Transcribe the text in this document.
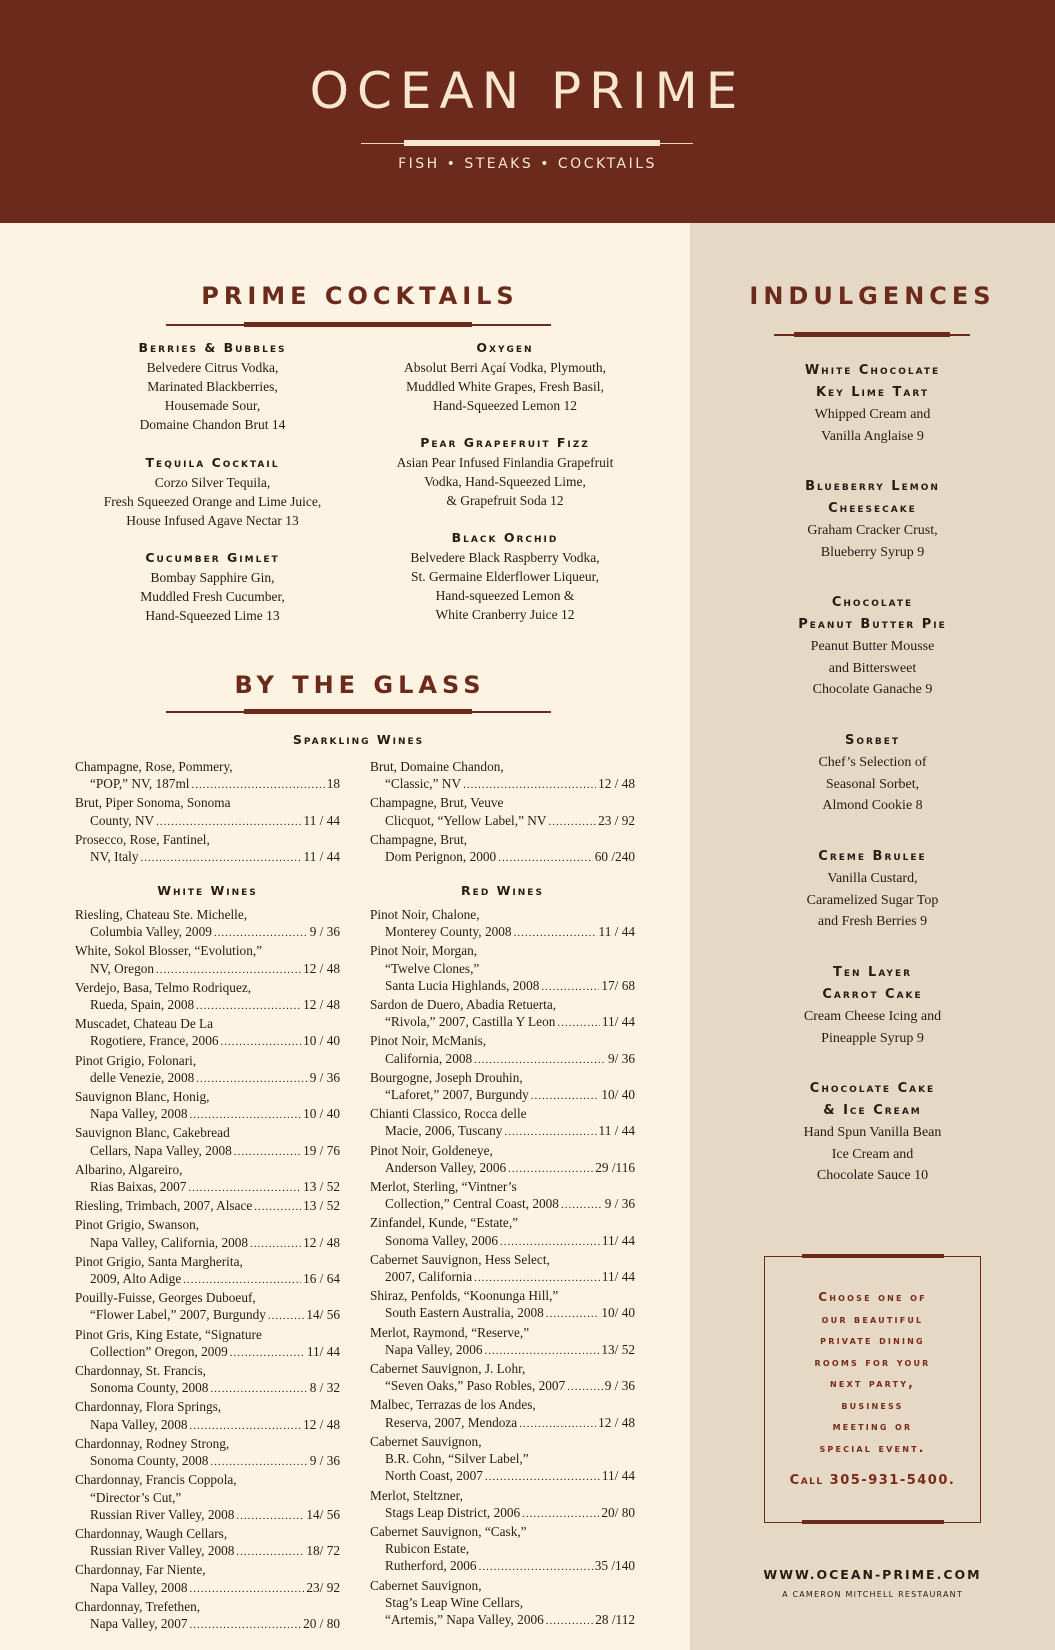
OCEAN PRIME
FISH • STEAKS • COCKTAILS
PRIME COCKTAILS
Berries & Bubbles
Belvedere Citrus Vodka,
Marinated Blackberries,
Housemade Sour,
Domaine Chandon Brut 14
Tequila Cocktail
Corzo Silver Tequila,
Fresh Squeezed Orange and Lime Juice,
House Infused Agave Nectar 13
Cucumber Gimlet
Bombay Sapphire Gin,
Muddled Fresh Cucumber,
Hand-Squeezed Lime 13
Oxygen
Absolut Berri Açaí Vodka, Plymouth,
Muddled White Grapes, Fresh Basil,
Hand-Squeezed Lemon 12
Pear Grapefruit Fizz
Asian Pear Infused Finlandia Grapefruit
Vodka, Hand-Squeezed Lime,
& Grapefruit Soda 12
Black Orchid
Belvedere Black Raspberry Vodka,
St. Germaine Elderflower Liqueur,
Hand-squeezed Lemon &
White Cranberry Juice 12
BY THE GLASS
Sparkling Wines
Champagne, Rose, Pommery,
“POP,” NV, 187ml .....	18
Brut, Piper Sonoma, Sonoma
County, NV .....	11 / 44
Prosecco, Rose, Fantinel,
NV, Italy .....	11 / 44
Brut, Domaine Chandon,
“Classic,” NV .....	12 / 48
Champagne, Brut, Veuve
Clicquot, “Yellow Label,” NV .....	23 / 92
Champagne, Brut,
Dom Perignon, 2000 .....	60 /240
White Wines
Riesling, Chateau Ste. Michelle,
Columbia Valley, 2009 .....	9 / 36
White, Sokol Blosser, “Evolution,”
NV, Oregon .....	12 / 48
Verdejo, Basa, Telmo Rodriquez,
Rueda, Spain, 2008 .....	12 / 48
Muscadet, Chateau De La
Rogotiere, France, 2006 .....	10 / 40
Pinot Grigio, Folonari,
delle Venezie, 2008 .....	9 / 36
Sauvignon Blanc, Honig,
Napa Valley, 2008 .....	10 / 40
Sauvignon Blanc, Cakebread
Cellars, Napa Valley, 2008 .....	19 / 76
Albarino, Algareiro,
Rias Baixas, 2007 .....	13 / 52
Riesling, Trimbach, 2007, Alsace .....	13 / 52
Pinot Grigio, Swanson,
Napa Valley, California, 2008 .....	12 / 48
Pinot Grigio, Santa Margherita,
2009, Alto Adige .....	16 / 64
Pouilly-Fuisse, Georges Duboeuf,
“Flower Label,” 2007, Burgundy .....	14/ 56
Pinot Gris, King Estate, “Signature
Collection” Oregon, 2009 .....	11/ 44
Chardonnay, St. Francis,
Sonoma County, 2008 .....	8 / 32
Chardonnay, Flora Springs,
Napa Valley, 2008 .....	12 / 48
Chardonnay, Rodney Strong,
Sonoma County, 2008 .....	9 / 36
Chardonnay, Francis Coppola,
“Director’s Cut,”
Russian River Valley, 2008 .....	14/ 56
Chardonnay, Waugh Cellars,
Russian River Valley, 2008 .....	18/ 72
Chardonnay, Far Niente,
Napa Valley, 2008 .....	23/ 92
Chardonnay, Trefethen,
Napa Valley, 2007 .....	20 / 80
Red Wines
Pinot Noir, Chalone,
Monterey County, 2008 .....	11 / 44
Pinot Noir, Morgan,
“Twelve Clones,”
Santa Lucia Highlands, 2008 .....	17/ 68
Sardon de Duero, Abadia Retuerta,
“Rivola,” 2007, Castilla Y Leon .....	11/ 44
Pinot Noir, McManis,
California, 2008 .....	9/ 36
Bourgogne, Joseph Drouhin,
“Laforet,” 2007, Burgundy .....	10/ 40
Chianti Classico, Rocca delle
Macie, 2006, Tuscany .....	11 / 44
Pinot Noir, Goldeneye,
Anderson Valley, 2006 .....	29 /116
Merlot, Sterling, “Vintner’s
Collection,” Central Coast, 2008 .....	9 / 36
Zinfandel, Kunde, “Estate,”
Sonoma Valley, 2006 .....	11/ 44
Cabernet Sauvignon, Hess Select,
2007, California .....	11/ 44
Shiraz, Penfolds, “Koonunga Hill,”
South Eastern Australia, 2008 .....	10/ 40
Merlot, Raymond, “Reserve,”
Napa Valley, 2006 .....	13/ 52
Cabernet Sauvignon, J. Lohr,
“Seven Oaks,” Paso Robles, 2007 .....	9 / 36
Malbec, Terrazas de los Andes,
Reserva, 2007, Mendoza .....	12 / 48
Cabernet Sauvignon,
B.R. Cohn, “Silver Label,”
North Coast, 2007 .....	11/ 44
Merlot, Steltzner,
Stags Leap District, 2006 .....	20/ 80
Cabernet Sauvignon, “Cask,”
Rubicon Estate,
Rutherford, 2006 .....	35 /140
Cabernet Sauvignon,
Stag’s Leap Wine Cellars,
“Artemis,” Napa Valley, 2006 .....	28 /112
INDULGENCES
White Chocolate
Key Lime Tart
Whipped Cream and
Vanilla Anglaise 9
Blueberry Lemon
Cheesecake
Graham Cracker Crust,
Blueberry Syrup 9
Chocolate
Peanut Butter Pie
Peanut Butter Mousse
and Bittersweet
Chocolate Ganache 9
Sorbet
Chef’s Selection of
Seasonal Sorbet,
Almond Cookie 8
Creme Brulee
Vanilla Custard,
Caramelized Sugar Top
and Fresh Berries 9
Ten Layer
Carrot Cake
Cream Cheese Icing and
Pineapple Syrup 9
Chocolate Cake
& Ice Cream
Hand Spun Vanilla Bean
Ice Cream and
Chocolate Sauce 10
Choose one of
our beautiful
private dining
rooms for your
next party,
business
meeting or
special event.
Call 305-931-5400.
WWW.OCEAN-PRIME.COM
A CAMERON MITCHELL RESTAURANT
